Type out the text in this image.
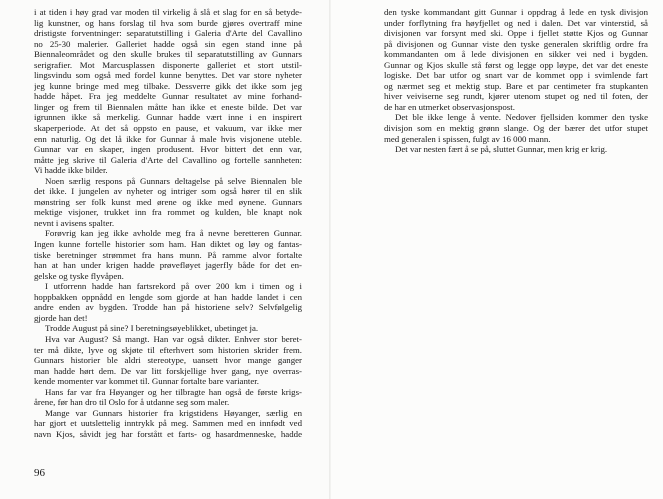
i at tiden i høy grad var moden til virkelig å slå et slag for en så betyde-
lig kunstner, og hans forslag til hva som burde gjøres overtraff mine
dristigste forventninger: separatutstilling i Galeria d'Arte del Cavallino
no 25-30 malerier. Galleriet hadde også sin egen stand inne på
Biennaleområdet og den skulle brukes til separatutstilling av Gunnars
serigrafier. Mot Marcusplassen disponerte galleriet et stort utstil-
lingsvindu som også med fordel kunne benyttes. Det var store nyheter
jeg kunne bringe med meg tilbake. Dessverre gikk det ikke som jeg
hadde håpet. Fra jeg meddelte Gunnar resultatet av mine forhand-
linger og frem til Biennalen måtte han ikke et eneste bilde. Det var
igrunnen ikke så merkelig. Gunnar hadde vært inne i en inspirert
skaperperiode. At det så oppsto en pause, et vakuum, var ikke mer
enn naturlig. Og det lå ikke for Gunnar å male hvis visjonene uteble.
Gunnar var en skaper, ingen produsent. Hvor bittert det enn var,
måtte jeg skrive til Galeria d'Arte del Cavallino og fortelle sannheten:
Vi hadde ikke bilder.
Noen særlig respons på Gunnars deltagelse på selve Biennalen ble
det ikke. I jungelen av nyheter og intriger som også hører til en slik
mønstring ser folk kunst med ørene og ikke med øynene. Gunnars
mektige visjoner, trukket inn fra rommet og kulden, ble knapt nok
nevnt i avisens spalter.
Forøvrig kan jeg ikke avholde meg fra å nevne beretteren Gunnar.
Ingen kunne fortelle historier som ham. Han diktet og løy og fantas-
tiske beretninger strømmet fra hans munn. På ramme alvor fortalte
han at han under krigen hadde prøvefløyet jagerfly både for det en-
gelske og tyske flyvåpen.
I utforrenn hadde han fartsrekord på over 200 km i timen og i
hoppbakken oppnådd en lengde som gjorde at han hadde landet i cen
andre enden av bygden. Trodde han på historiene selv? Selvfølgelig
gjorde han det!
Trodde August på sine? I beretningsøyeblikket, ubetinget ja.
Hva var August? Så mangt. Han var også dikter. Enhver stor beret-
ter må dikte, lyve og skjøte til efterhvert som historien skrider frem.
Gunnars historier ble aldri stereotype, uansett hvor mange ganger
man hadde hørt dem. De var litt forskjellige hver gang, nye overras-
kende momenter var kommet til. Gunnar fortalte bare varianter.
Hans far var fra Høyanger og her tilbragte han også de første krigs-
årene, før han dro til Oslo for å utdanne seg som maler.
Mange var Gunnars historier fra krigstidens Høyanger, særlig en
har gjort et uutslettelig inntrykk på meg. Sammen med en innfødt ved
navn Kjos, såvidt jeg har forstått et farts- og hasardmenneske, hadde
96
den tyske kommandant gitt Gunnar i oppdrag å lede en tysk divisjon
under forflytning fra høyfjellet og ned i dalen. Det var vinterstid, så
divisjonen var forsynt med ski. Oppe i fjellet støtte Kjos og Gunnar
på divisjonen og Gunnar viste den tyske generalen skriftlig ordre fra
kommandanten om å lede divisjonen en sikker vei ned i bygden.
Gunnar og Kjos skulle stå først og legge opp løype, det var det eneste
logiske. Det bar utfor og snart var de kommet opp i svimlende fart
og nærmet seg et mektig stup. Bare et par centimeter fra stupkanten
hiver veiviserne seg rundt, kjører utenom stupet og ned til foten, der
de har en utmerket observasjonspost.
Det ble ikke lenge å vente. Nedover fjellsiden kommer den tyske
divisjon som en mektig grønn slange. Og der bærer det utfor stupet
med generalen i spissen, fulgt av 16 000 mann.
Det var nesten fært å se på, sluttet Gunnar, men krig er krig.
